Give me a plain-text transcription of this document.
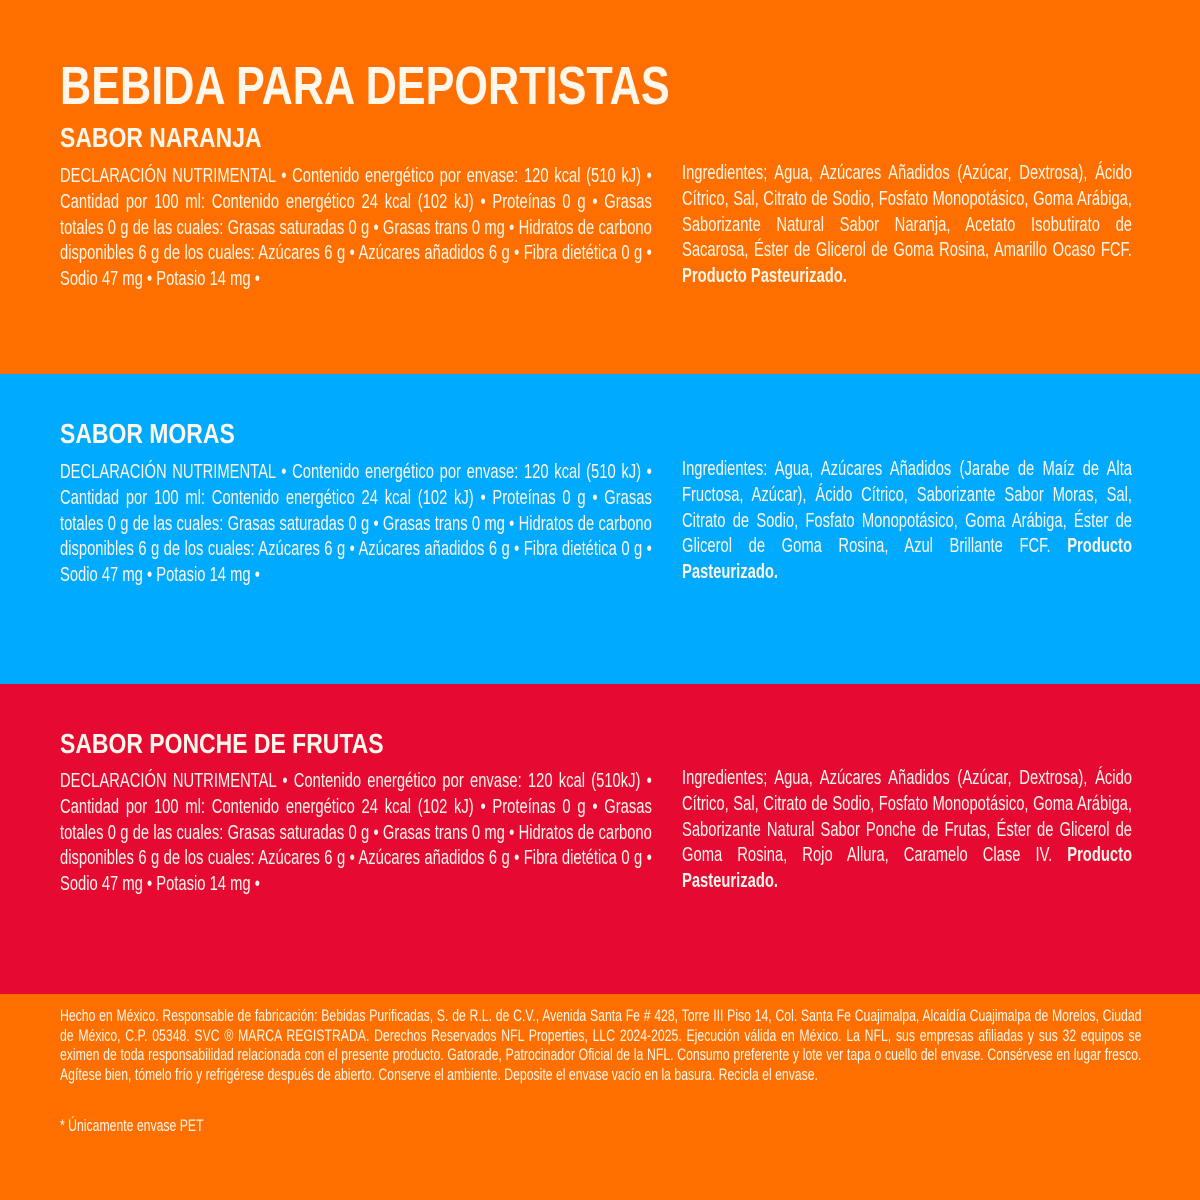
BEBIDA PARA DEPORTISTAS
SABOR NARANJA

DECLARACIÓN NUTRIMENTAL • Contenido energético por envase: 120 kcal (510 kJ) • Cantidad por 100 ml: Contenido energético 24 kcal (102 kJ) • Proteínas 0 g • Grasas totales 0 g de las cuales: Grasas saturadas 0 g • Grasas trans 0 mg • Hidratos de carbono disponibles 6 g de los cuales: Azúcares 6 g • Azúcares añadidos 6 g • Fibra dietética 0 g • Sodio 47 mg • Potasio 14 mg •

Ingredientes; Agua, Azúcares Añadidos (Azúcar, Dextrosa), Ácido Cítrico, Sal, Citrato de Sodio, Fosfato Monopotásico, Goma Arábiga, Saborizante Natural Sabor Naranja, Acetato Isobutirato de Sacarosa, Éster de Glicerol de Goma Rosina, Amarillo Ocaso FCF. Producto Pasteurizado.

SABOR MORAS

DECLARACIÓN NUTRIMENTAL • Contenido energético por envase: 120 kcal (510 kJ) • Cantidad por 100 ml: Contenido energético 24 kcal (102 kJ) • Proteínas 0 g • Grasas totales 0 g de las cuales: Grasas saturadas 0 g • Grasas trans 0 mg • Hidratos de carbono disponibles 6 g de los cuales: Azúcares 6 g • Azúcares añadidos 6 g • Fibra dietética 0 g • Sodio 47 mg • Potasio 14 mg •

Ingredientes: Agua, Azúcares Añadidos (Jarabe de Maíz de Alta Fructosa, Azúcar), Ácido Cítrico, Saborizante Sabor Moras, Sal, Citrato de Sodio, Fosfato Monopotásico, Goma Arábiga, Éster de Glicerol de Goma Rosina, Azul Brillante FCF. Producto Pasteurizado.

SABOR PONCHE DE FRUTAS

DECLARACIÓN NUTRIMENTAL • Contenido energético por envase: 120 kcal (510kJ) • Cantidad por 100 ml: Contenido energético 24 kcal (102 kJ) • Proteínas 0 g • Grasas totales 0 g de las cuales: Grasas saturadas 0 g • Grasas trans 0 mg • Hidratos de carbono disponibles 6 g de los cuales: Azúcares 6 g • Azúcares añadidos 6 g • Fibra dietética 0 g • Sodio 47 mg • Potasio 14 mg •

Ingredientes; Agua, Azúcares Añadidos (Azúcar, Dextrosa), Ácido Cítrico, Sal, Citrato de Sodio, Fosfato Monopotásico, Goma Arábiga, Saborizante Natural Sabor Ponche de Frutas, Éster de Glicerol de Goma Rosina, Rojo Allura, Caramelo Clase IV. Producto Pasteurizado.

Hecho en México. Responsable de fabricación: Bebidas Purificadas, S. de R.L. de C.V., Avenida Santa Fe # 428, Torre III Piso 14, Col. Santa Fe Cuajimalpa, Alcaldía Cuajimalpa de Morelos, Ciudad de México, C.P. 05348. SVC ® MARCA REGISTRADA. Derechos Reservados NFL Properties, LLC 2024-2025. Ejecución válida en México. La NFL, sus empresas afiliadas y sus 32 equipos se eximen de toda responsabilidad relacionada con el presente producto. Gatorade, Patrocinador Oficial de la NFL. Consumo preferente y lote ver tapa o cuello del envase. Consérvese en lugar fresco. Agítese bien, tómelo frío y refrigérese después de abierto. Conserve el ambiente. Deposite el envase vacío en la basura. Recicla el envase.

* Únicamente envase PET
